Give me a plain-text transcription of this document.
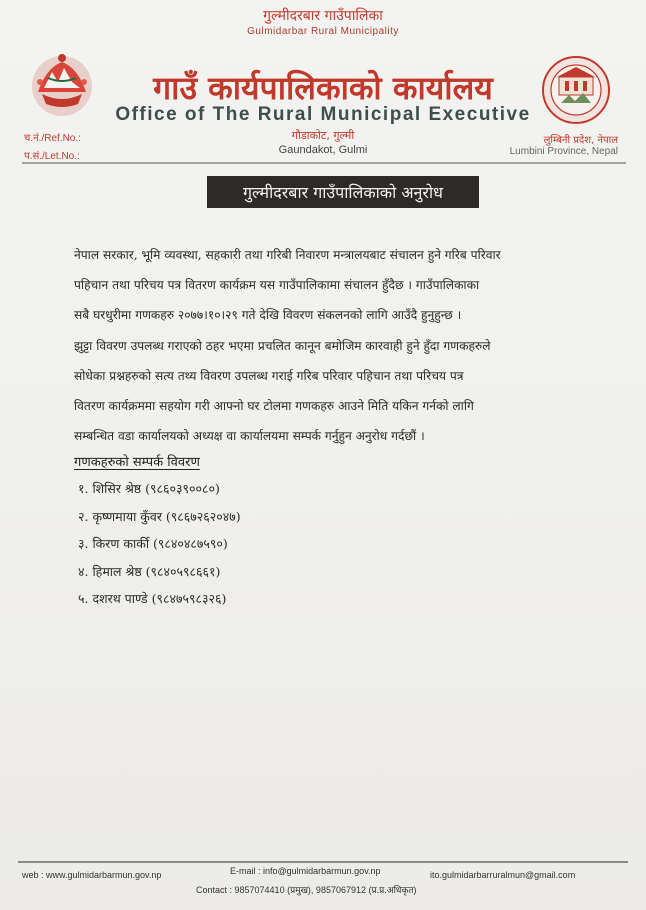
गुल्मीदरबार गाउँपालिका
Gulmidarbar Rural Municipality
गाउँ कार्यपालिकाको कार्यालय
Office of The Rural Municipal Executive
गौडाकोट, गुल्मी
Gaundakot, Gulmi
च.नं./Ref.No.:
प.सं./Let.No.:
लुम्बिनी प्रदेश, नेपाल
Lumbini Province, Nepal
गुल्मीदरबार गाउँपालिकाको अनुरोध
नेपाल सरकार, भूमि व्यवस्था, सहकारी तथा गरिबी निवारण मन्त्रालयबाट संचालन हुने गरिब परिवार
पहिचान तथा परिचय पत्र वितरण कार्यक्रम यस गाउँपालिकामा संचालन हुँदैछ । गाउँपालिकाका
सबै घरधुरीमा गणकहरु २०७७।१०।२९ गते देखि विवरण संकलनको लागि आउँदै हुनुहुन्छ ।
झुट्टा विवरण उपलब्ध गराएको ठहर भएमा प्रचलित कानून बमोजिम कारवाही हुने हुँदा गणकहरुले
सोधेका प्रश्नहरुको सत्य तथ्य विवरण उपलब्ध गराई गरिब परिवार पहिचान तथा परिचय पत्र
वितरण कार्यक्रममा सहयोग गरी आफ्नो घर टोलमा गणकहरु आउने मिति यकिन गर्नको लागि
सम्बन्धित वडा कार्यालयको अध्यक्ष वा कार्यालयमा सम्पर्क गर्नुहुन अनुरोध गर्दछौं ।
गणकहरुको सम्पर्क विवरण
१. शिसिर श्रेष्ठ (९८६०३९००८०)
२. कृष्णमाया कुँवर (९८६७२६२०४७)
३. किरण कार्की (९८४०४८७५९०)
४. हिमाल श्रेष्ठ (९८४०५९८६६१)
५. दशरथ पाण्डे (९८४७५९८३२६)
web : www.gulmidarbarmun.gov.np	E-mail : info@gulmidarbarmun.gov.np	ito.gulmidarbarruralmun@gmail.com
Contact : 9857074410 (प्रमुख), 9857067912 (प्र.प्र.अधिकृत)
